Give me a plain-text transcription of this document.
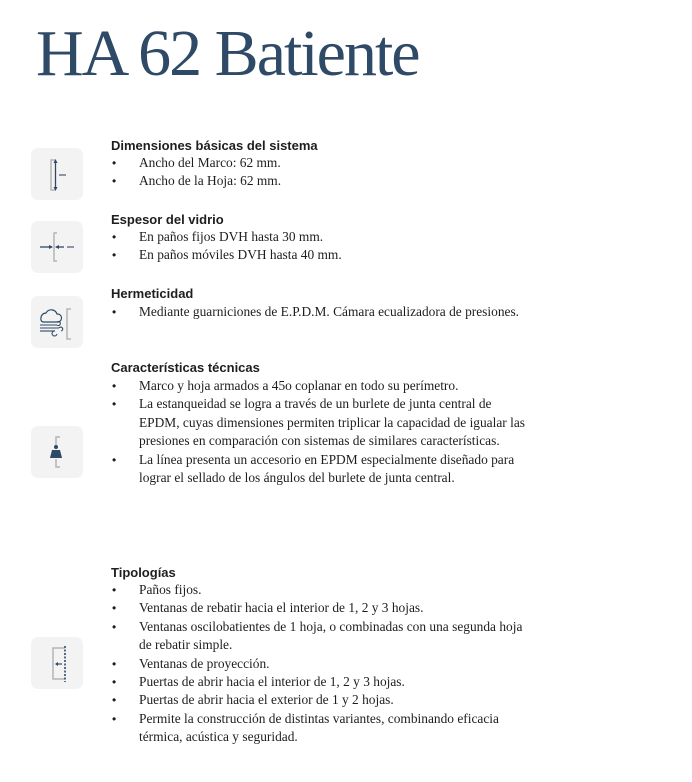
HA 62 Batiente
Dimensiones básicas del sistema
• Ancho del Marco: 62 mm.
• Ancho de la Hoja: 62 mm.
Espesor del vidrio
• En paños fijos DVH hasta 30 mm.
• En paños móviles DVH hasta 40 mm.
Hermeticidad
• Mediante guarniciones de E.P.D.M. Cámara ecualizadora de presiones.
Características técnicas
• Marco y hoja armados a 45o coplanar en todo su perímetro.
• La estanqueidad se logra a través de un burlete de junta central de EPDM, cuyas dimensiones permiten triplicar la capacidad de igualar las presiones en comparación con sistemas de similares características.
• La línea presenta un accesorio en EPDM especialmente diseñado para lograr el sellado de los ángulos del burlete de junta central.
Tipologías
• Paños fijos.
• Ventanas de rebatir hacia el interior de 1, 2 y 3 hojas.
• Ventanas oscilobatientes de 1 hoja, o combinadas con una segunda hoja de rebatir simple.
• Ventanas de proyección.
• Puertas de abrir hacia el interior de 1, 2 y 3 hojas.
• Puertas de abrir hacia el exterior de 1 y 2 hojas.
• Permite la construcción de distintas variantes, combinando eficacia térmica, acústica y seguridad.
